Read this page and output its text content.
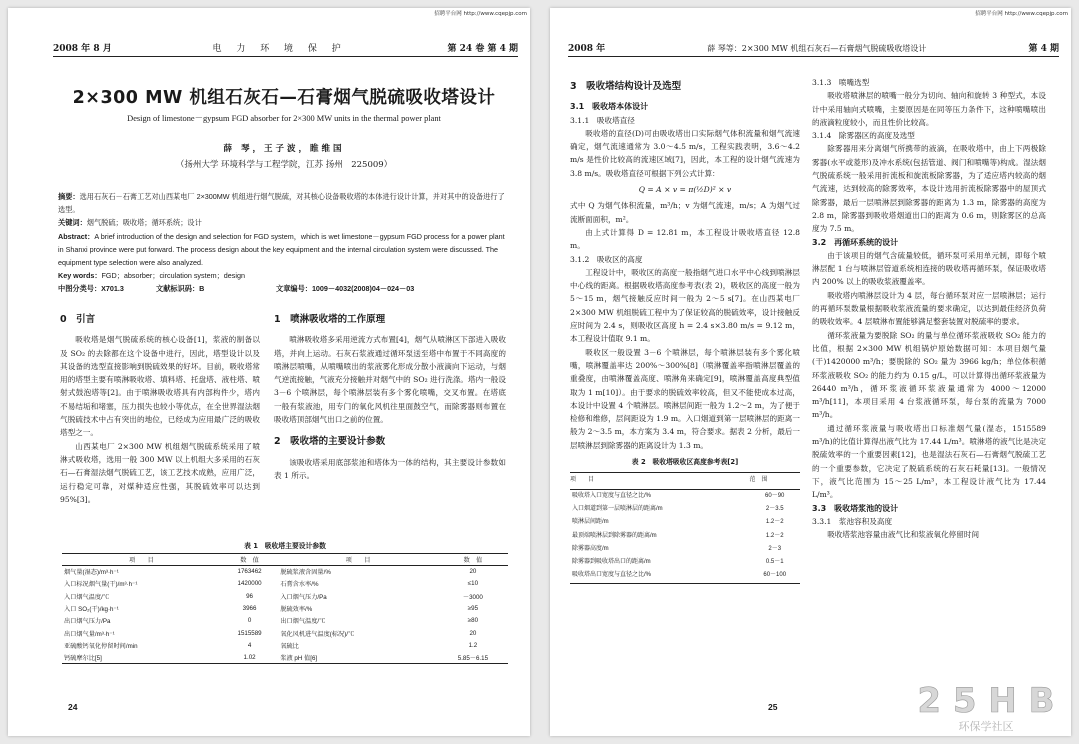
招聘平台网 http://www.cqepjp.com
2008 年 8 月	电 力 环 境 保 护	第 24 卷 第 4 期
2×300 MW 机组石灰石—石膏烟气脱硫吸收塔设计
Design of limestone－gypsum FGD absorber for 2×300 MW units in the thermal power plant
薛 琴，王子波，睢维国
（扬州大学 环境科学与工程学院，江苏 扬州　225009）
摘要：选用石灰石－石膏工艺对山西某电厂 2×300MW 机组进行烟气脱硫，对其核心设备吸收塔的本体进行设计计算，并对其中的设备进行了选型。
关键词：烟气脱硫；吸收塔；循环系统；设计
Abstract：A brief introduction of the design and selection for FGD system，which is wet limestone－gypsum FGD process for a power plant in Shanxi province were put forward. The process design about the key equipment and the internal circulation system were discussed. The equipment type selection were also analyzed.
Key words：FGD；absorber；circulation system；design
中图分类号：X701.3	文献标识码：B	文章编号：1009－4032(2008)04－024－03
0　引言

吸收塔是烟气脱硫系统的核心设备[1]，浆液的制备以及 SO₂ 的去除都在这个设备中进行，因此，塔型设计以及其设备的选型直接影响到脱硫效果的好坏。目前，吸收塔常用的塔型主要有喷淋吸收塔、填料塔、托盘塔、液柱塔、喷射式鼓泡塔等[2]。由于喷淋吸收塔具有内部构件少，塔内不易结垢和堵塞，压力损失也较小等优点，在全世界湿法烟气脱硫技术中占有突出的地位，已经成为应用最广泛的吸收塔型之一。

山西某电厂 2×300 MW 机组烟气脱硫系统采用了喷淋式吸收塔，选用一般 300 MW 以上机组大多采用的石灰石—石膏湿法烟气脱硫工艺，该工艺技术成熟，应用广泛，运行稳定可靠，对煤种适应性强，其脱硫效率可以达到 95%[3]。

1　喷淋吸收塔的工作原理

喷淋吸收塔多采用逆流方式布置[4]，烟气从喷淋区下部进入吸收塔，并向上运动。石灰石浆液通过循环泵送至塔中布置于不同高度的喷淋层喷嘴，从喷嘴喷出的浆液雾化形成分散小液滴向下运动，与烟气逆流接触，气液充分接触并对烟气中的 SO₂ 进行洗涤。塔内一般设 3－6 个喷淋层，每个喷淋层装有多个雾化喷嘴，交叉布置。在塔底一般有浆液池，用专门的氧化风机往里面鼓空气，而除雾器则布置在吸收塔顶部烟气出口之前的位置。

2　吸收塔的主要设计参数

该吸收塔采用底部浆池和塔体为一体的结构，其主要设计参数如表 1 所示。

表 1　吸收塔主要设计参数
项　　目	数　值	项　　目	数　值
烟气量(湿态)/m³·h⁻¹	1763462	脱硫浆液含固量/%	20
入口标况烟气量(干)/m³·h⁻¹	1420000	石膏含水率/%	≤10
入口烟气温度/℃	96	入口烟气压力/Pa	－3000
入口 SO₂(干)/kg·h⁻¹	3966	脱硫效率/%	≥95
出口烟气压力/Pa	0	出口烟气温度/℃	≥80
出口烟气量/m³·h⁻¹	1515589	氧化风机进气温度(标况)/℃	20
亚硫酸钙氧化停留时间/min	4	氧硫比	1.2
钙硫摩尔比[5]	1.02	浆液 pH 值[6]	5.85－6.15
24
招聘平台网 http://www.cqepjp.com
2008 年	薛 琴等：2×300 MW 机组石灰石—石膏烟气脱硫吸收塔设计	第 4 期
3　吸收塔结构设计及选型
3.1　吸收塔本体设计
3.1.1　吸收塔直径

吸收塔的直径(D)可由吸收塔出口实际烟气体积流量和烟气流速确定，烟气流速通常为 3.0～4.5 m/s，工程实践表明，3.6～4.2 m/s 是性价比较高的流速区域[7]，因此，本工程的设计烟气流速为 3.8 m/s。吸收塔直径可根据下列公式计算：

Q = A × v = π(½D)² × v

式中 Q 为烟气体积流量，m³/h；v 为烟气流速，m/s；A 为烟气过流断面面积，m²。

由上式计算得 D = 12.81 m，本工程设计吸收塔直径 12.8 m。

3.1.2　吸收区的高度

工程设计中，吸收区的高度一般指烟气进口水平中心线到喷淋层中心线的距离。根据吸收塔高度参考表(表 2)，吸收区的高度一般为 5～15 m，烟气接触反应时间一般为 2～5 s[7]。在山西某电厂 2×300 MW 机组脱硫工程中为了保证较高的脱硫效率，设计接触反应时间为 2.4 s，则吸收区高度 h = 2.4 s×3.80 m/s = 9.12 m，本工程设计值取 9.1 m。

吸收区一般设置 3－6 个喷淋层，每个喷淋层装有多个雾化喷嘴，喷淋覆盖率达 200%～300%[8]（喷淋覆盖率指喷淋层覆盖的重叠度，由喷淋覆盖高度、喷淋角来确定[9]，喷淋覆盖高度典型值取为 1 m[10]）。由于要求的脱硫效率较高，但又不能使成本过高，本设计中设置 4 个喷淋层。喷淋层间距一般为 1.2～2 m，为了便于检修和维修，层间距设为 1.9 m。入口烟道到第一层喷淋层的距离一般为 2～3.5 m，本方案为 3.4 m，符合要求。据表 2 分析，最后一层喷淋层到除雾器的距离设计为 1.3 m。

表 2　吸收塔吸收区高度参考表[2]
项　　目	范　围
吸收塔入口宽度与直径之比/%	60－90
入口烟道到第一层喷淋层的距离/m	2－3.5
喷淋层间距/m	1.2－2
最顶端喷淋层到除雾器的距离/m	1.2－2
除雾器高度/m	2－3
除雾器到吸收塔出口的距离/m	0.5－1
吸收塔出口宽度与直径之比/%	60－100
3.1.3　喷嘴选型

吸收塔喷淋层的喷嘴一般分为切向、轴向和旋转 3 种型式，本设计中采用轴向式喷嘴，主要原因是在同等压力条件下，这种喷嘴喷出的液滴粒度较小，而且性价比较高。

3.1.4　除雾器区的高度及选型

除雾器用来分离烟气所携带的液滴，在吸收塔中，由上下两极除雾器(水平或菱形)及冲水系统(包括管道、阀门和喷嘴等)构成。湿法烟气脱硫系统一般采用折流板和旋流板除雾器，为了适应塔内较高的烟气流速，达到较高的除雾效率，本设计选用折流板除雾器中的屋顶式除雾器，最后一层喷淋层到除雾器的距离为 1.3 m，除雾器的高度为 2.8 m，除雾器到吸收塔烟道出口的距离为 0.6 m，则除雾区的总高度为 7.5 m。

3.2　再循环系统的设计

由于该项目的烟气含硫量较低，循环泵可采用单元制，即每个喷淋层配 1 台与喷淋层管道系统相连接的吸收塔再循环泵，保证吸收塔内 200% 以上的吸收浆液覆盖率。

吸收塔内喷淋层设计为 4 层，每台循环泵对应一层喷淋层；运行的再循环泵数量根据吸收浆液流量的要求确定，以达到最佳经济负荷的吸收效率。4 层喷淋布置能够满足整套装置对脱硫率的要求。

循环浆液量为要脱除 SO₂ 的量与单位循环浆液吸收 SO₂ 能力的比值，根据 2×300 MW 机组锅炉原始数据可知：本项目烟气量(干)1420000 m³/h；要脱除的 SO₂ 量为 3966 kg/h；单位体积循环浆液吸收 SO₂ 的能力约为 0.15 g/L，可以计算得出循环浆液量为 26440 m³/h，循环浆液循环浆液量通常为 4000～12000 m³/h[11]，本项目采用 4 台浆液循环泵，每台泵的流量为 7000 m³/h。

通过循环浆液量与吸收塔出口标准烟气量(湿态，1515589 m³/h)的比值计算得出液气比为 17.44 L/m³。喷淋塔的液气比是决定脱硫效率的一个重要因素[12]，也是湿法石灰石—石膏烟气脱硫工艺的一个重要参数，它决定了脱硫系统的石灰石耗量[13]。一般情况下，液气比范围为 15～25 L/m³，本工程设计液气比为 17.44 L/m³。

3.3　吸收塔浆池的设计
3.3.1　浆池容积及高度

吸收塔浆池容量由液气比和浆液氧化停留时间

25	2 5 H B
环保学社区
